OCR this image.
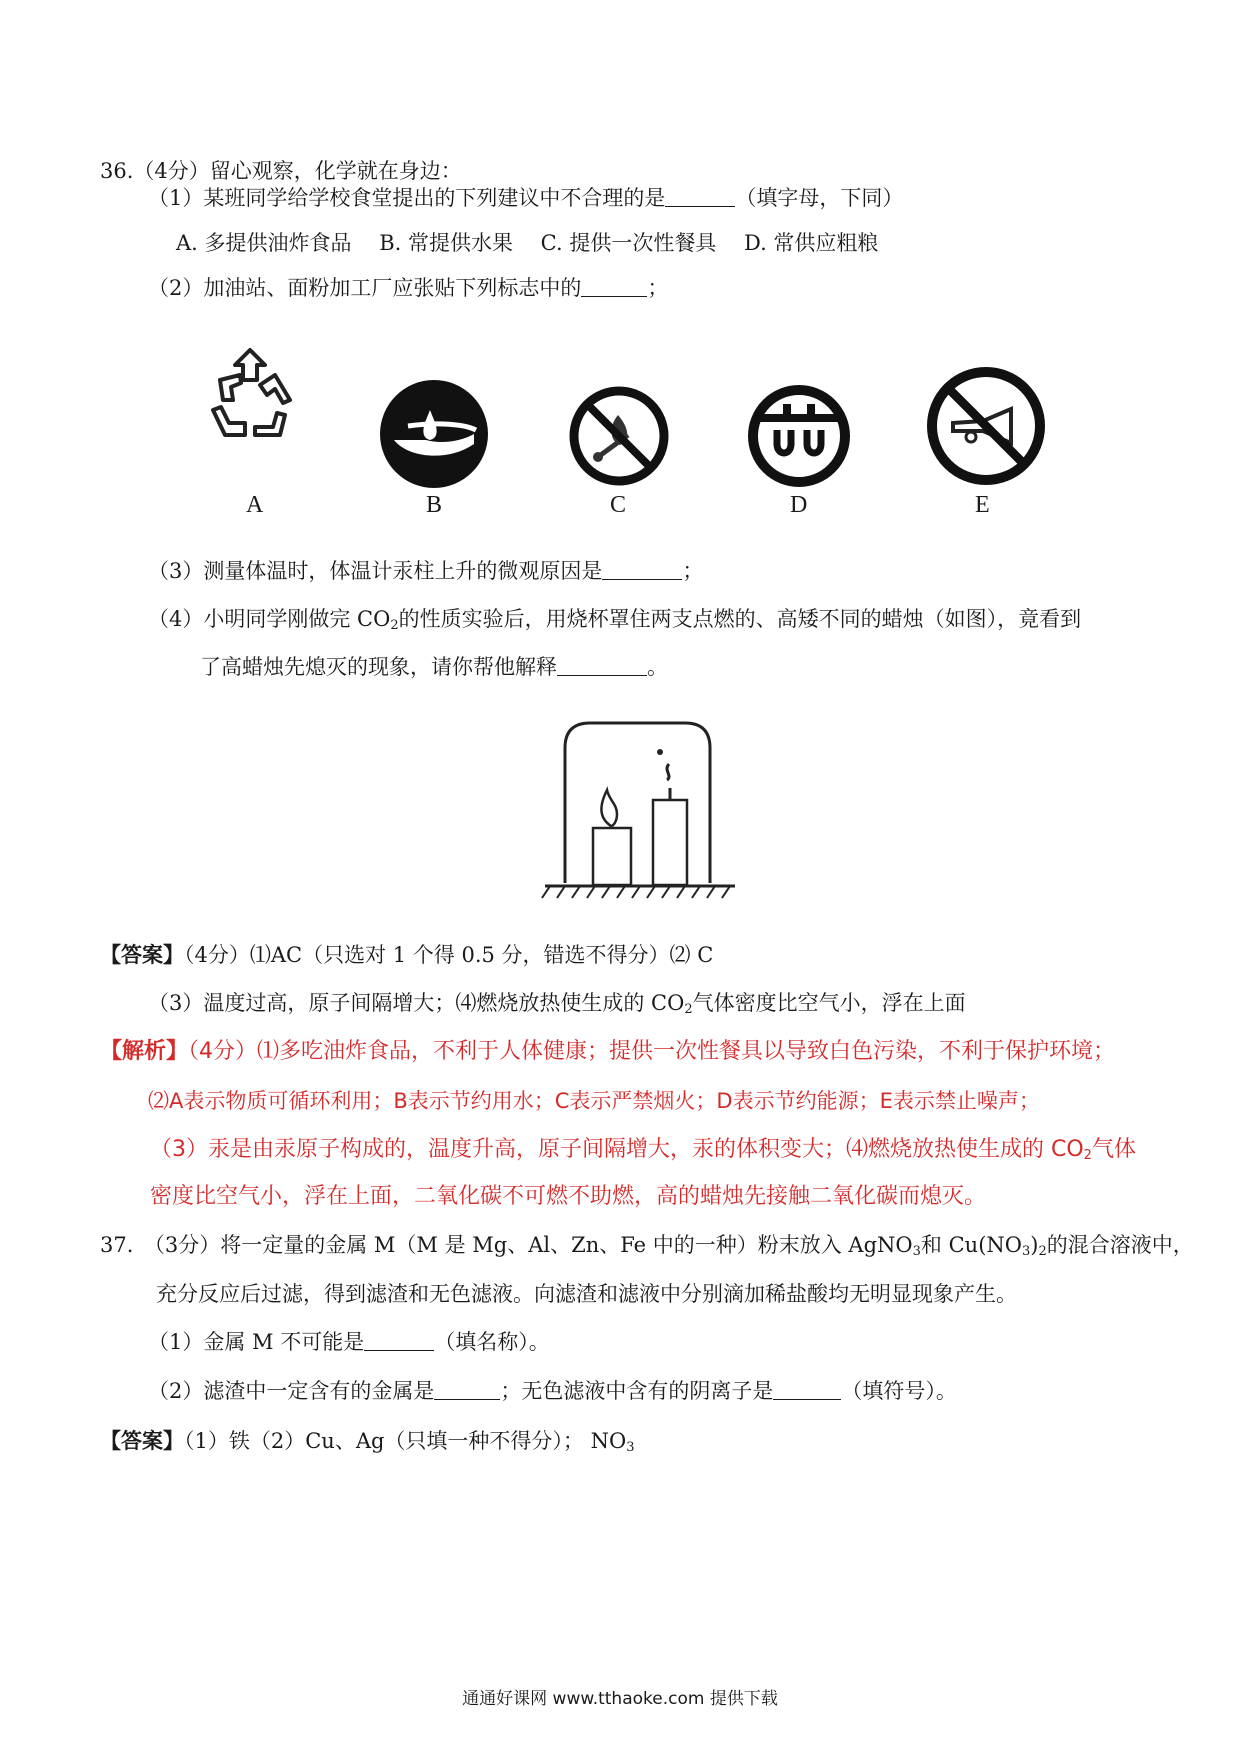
36.（4分）留心观察，化学就在身边：
（1）某班同学给学校食堂提出的下列建议中不合理的是	（填字母，下同）
A. 多提供油炸食品　 B. 常提供水果　 C. 提供一次性餐具　 D. 常供应粗粮
（2）加油站、面粉加工厂应张贴下列标志中的	；
A	B	C	D	E
（3）测量体温时，体温计汞柱上升的微观原因是	；
（4）小明同学刚做完 $CO_2$的性质实验后，用烧杯罩住两支点燃的、高矮不同的蜡烛（如图），竟看到
了高蜡烛先熄灭的现象，请你帮他解释	。
【答案】（4分）⑴AC（只选对 1 个得 0.5 分，错选不得分）⑵ C
（3）温度过高，原子间隔增大；⑷燃烧放热使生成的 $CO_2$气体密度比空气小，浮在上面
【解析】（4分）⑴多吃油炸食品，不利于人体健康；提供一次性餐具以导致白色污染，不利于保护环境；
⑵A表示物质可循环利用；B表示节约用水；C表示严禁烟火；D表示节约能源；E表示禁止噪声；
（3）汞是由汞原子构成的，温度升高，原子间隔增大，汞的体积变大；⑷燃烧放热使生成的 $CO_2$气体
密度比空气小，浮在上面，二氧化碳不可燃不助燃，高的蜡烛先接触二氧化碳而熄灭。
37.　（3分）将一定量的金属 M（M 是 Mg、Al、Zn、Fe 中的一种）粉末放入 AgNO$_3$和 $Cu(NO_3)_2$的混合溶液中，
充分反应后过滤，得到滤渣和无色滤液。向滤渣和滤液中分别滴加稀盐酸均无明显现象产生。
（1）金属 M 不可能是	（填名称）。
（2）滤渣中一定含有的金属是	；无色滤液中含有的阴离子是	（填符号）。
【答案】（1）铁（2）Cu、Ag（只填一种不得分）； $NO_3$
通通好课网 www.tthaoke.com 提供下载
